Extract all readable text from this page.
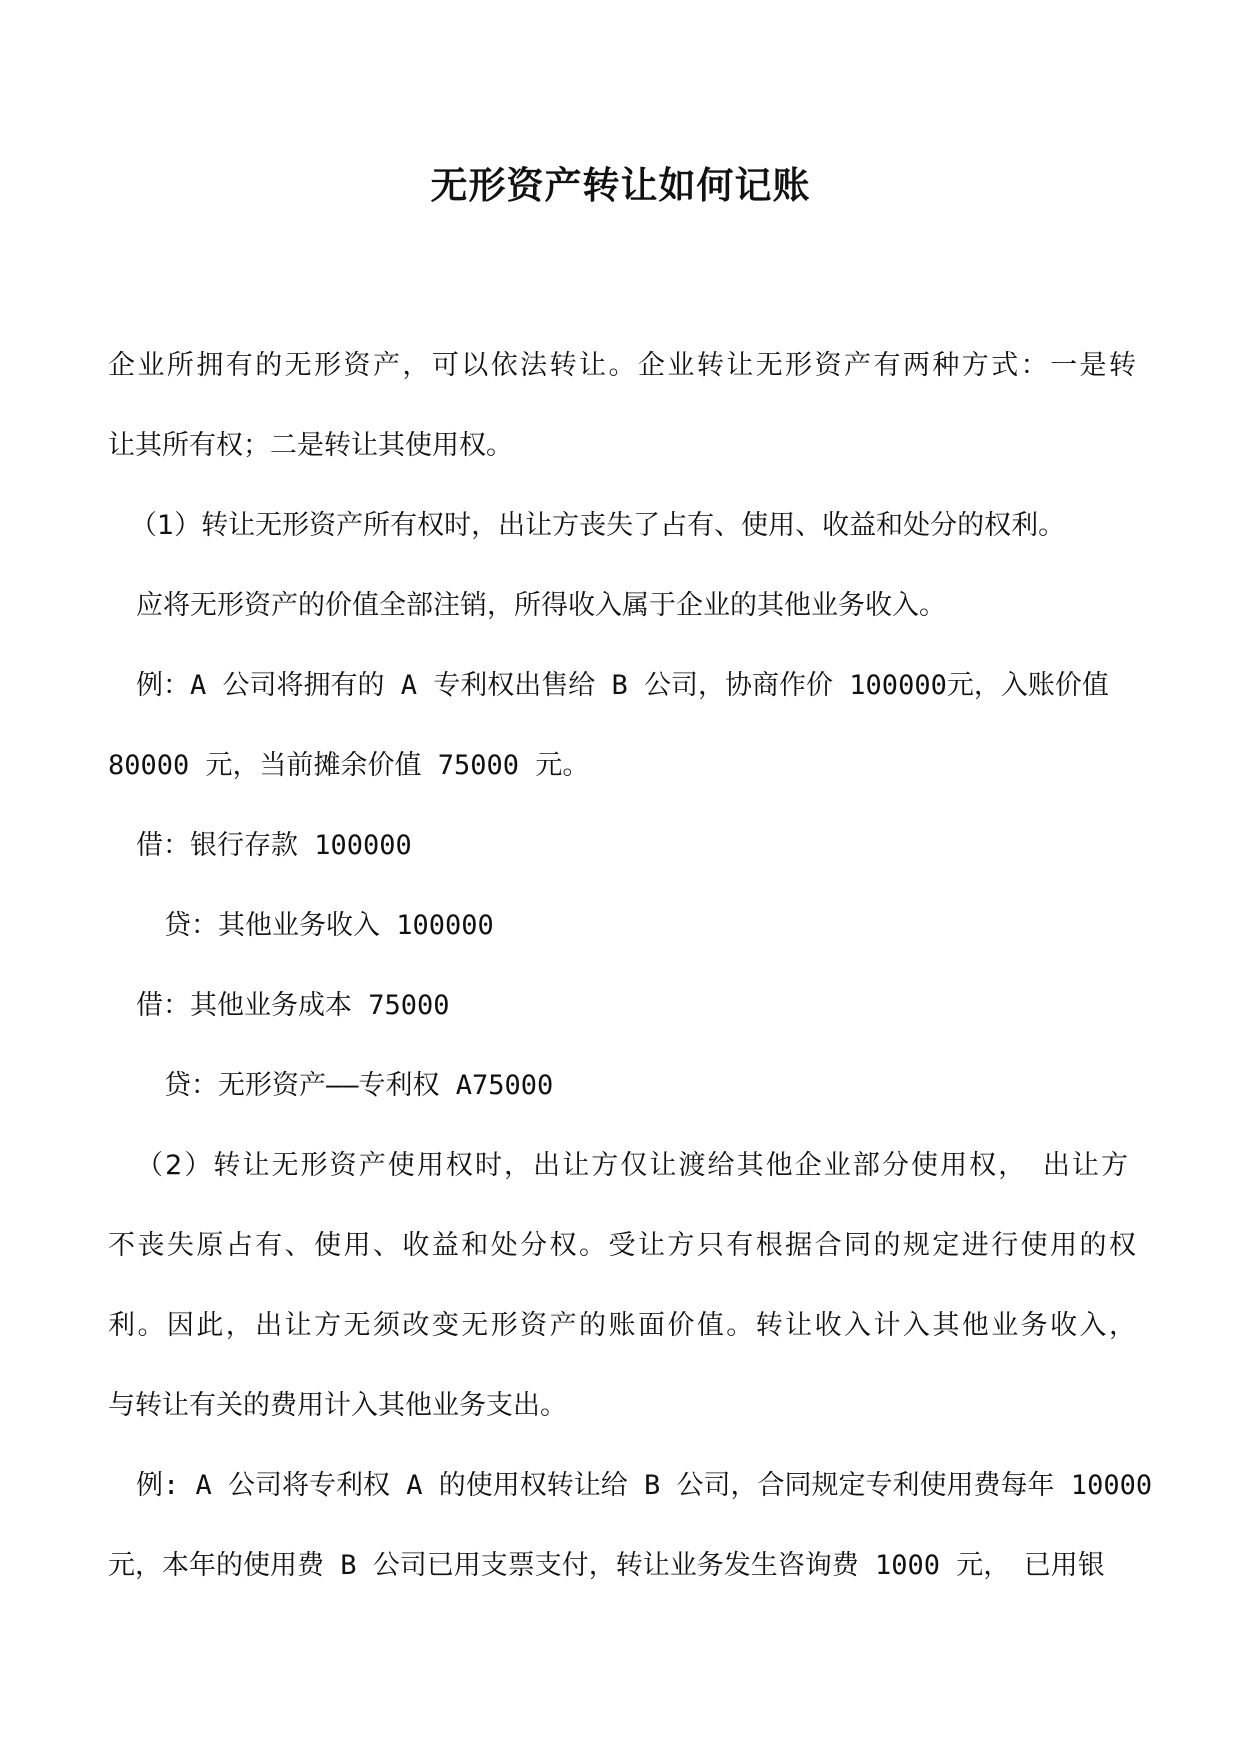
无形资产转让如何记账

企业所拥有的无形资产，可以依法转让。企业转让无形资产有两种方式：一是转

让其所有权；二是转让其使用权。

（1）转让无形资产所有权时，出让方丧失了占有、使用、收益和处分的权利。

应将无形资产的价值全部注销，所得收入属于企业的其他业务收入。

例：A 公司将拥有的 A 专利权出售给 B 公司，协商作价 100000元，入账价值

80000 元，当前摊余价值 75000 元。

借：银行存款 100000

贷：其他业务收入 100000

借：其他业务成本 75000

贷：无形资产——专利权 A75000

（2）转让无形资产使用权时，出让方仅让渡给其他企业部分使用权，　出让方

不丧失原占有、使用、收益和处分权。受让方只有根据合同的规定进行使用的权

利。因此，出让方无须改变无形资产的账面价值。转让收入计入其他业务收入，

与转让有关的费用计入其他业务支出。

例: A 公司将专利权 A 的使用权转让给 B 公司，合同规定专利使用费每年 10000

元，本年的使用费 B 公司已用支票支付，转让业务发生咨询费 1000 元，　已用银
